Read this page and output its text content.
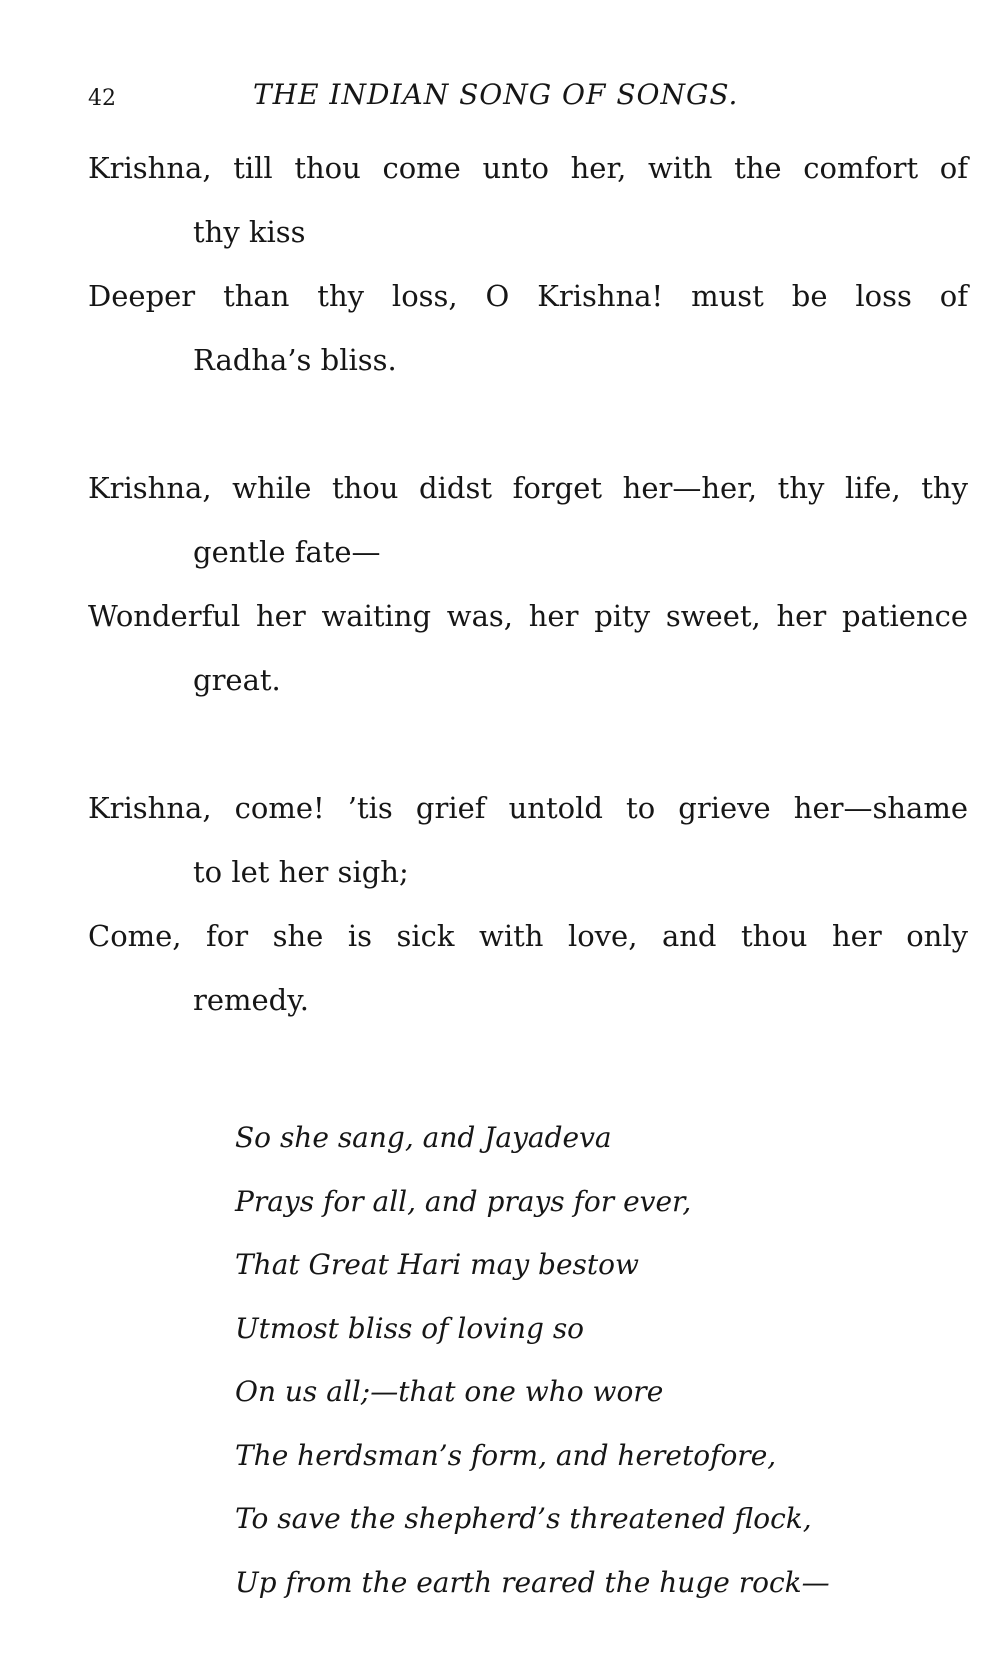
42	THE INDIAN SONG OF SONGS.
Krishna, till thou come unto her, with the comfort of
thy kiss
Deeper than thy loss, O Krishna! must be loss of
Radha’s bliss.
Krishna, while thou didst forget her—her, thy life, thy
gentle fate—
Wonderful her waiting was, her pity sweet, her patience
great.
Krishna, come! ’tis grief untold to grieve her—shame
to let her sigh;
Come, for she is sick with love, and thou her only
remedy.
So she sang, and Jayadeva
Prays for all, and prays for ever,
That Great Hari may bestow
Utmost bliss of loving so
On us all;—that one who wore
The herdsman’s form, and heretofore,
To save the shepherd’s threatened flock,
Up from the earth reared the huge rock—
